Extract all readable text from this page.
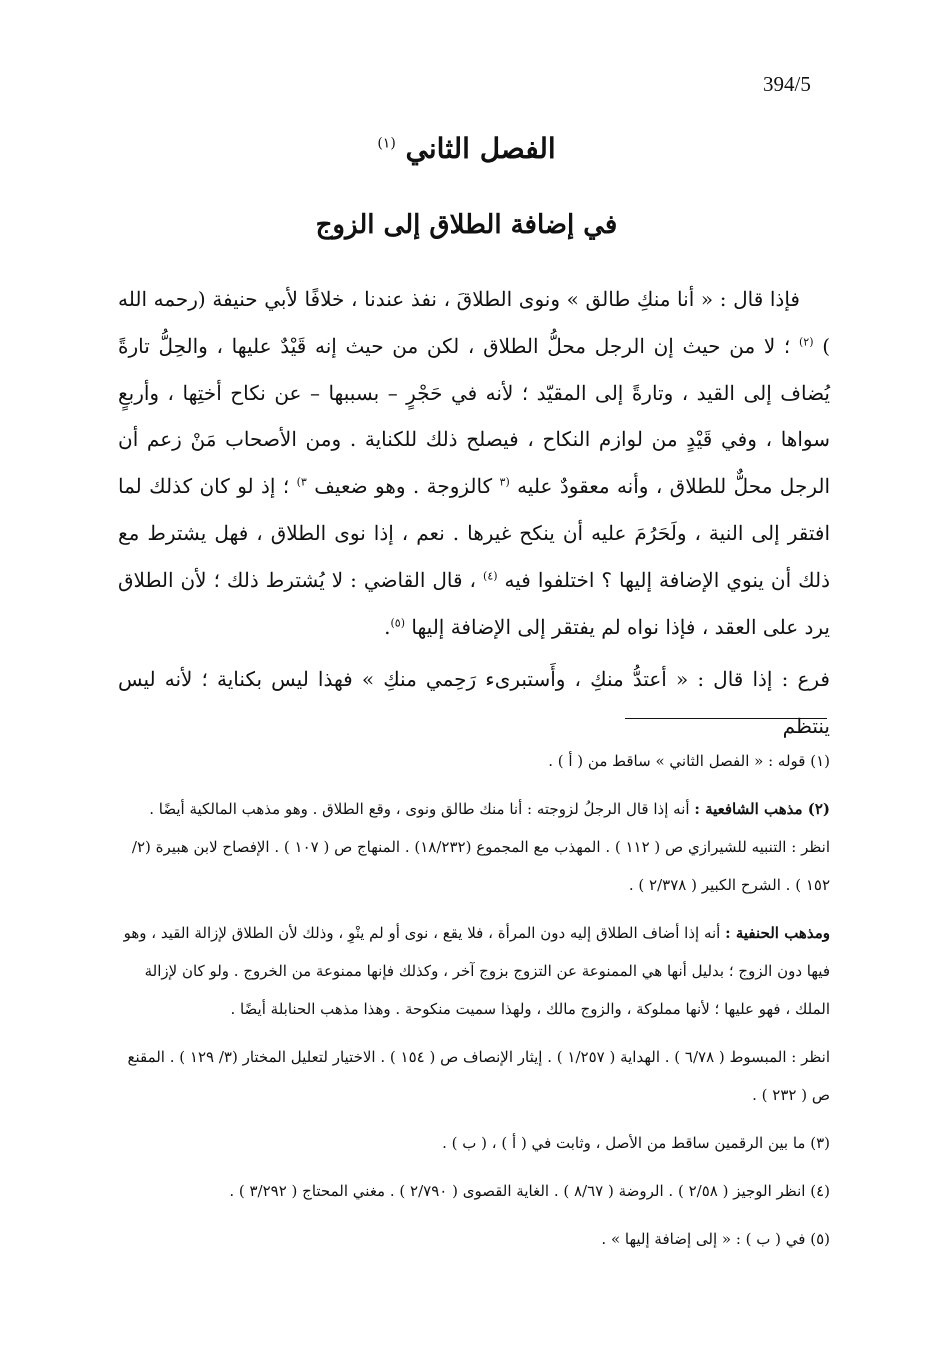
394/5
الفصل الثاني $^{(١)}$
في إضافة الطلاق إلى الزوج

فإذا قال : « أنا منكِ طالق » ونوى الطلاقَ ، نفذ عندنا ، خلافًا لأبي حنيفة (رحمه الله ) $^{(٢)}$ ؛ لا من حيث إن الرجل محلُّ الطلاق ، لكن من حيث إنه قَيْدٌ عليها ، والحِلُّ تارةً يُضاف إلى القيد ، وتارةً إلى المقيّد ؛ لأنه في حَجْرٍ – بسببها – عن نكاح أختِها ، وأربعٍ سواها ، وفي قَيْدٍ من لوازم النكاح ، فيصلح ذلك للكناية . ومن الأصحاب مَنْ زعم أن الرجل محلٌّ للطلاق ، وأنه معقودٌ عليه $^{(٣}$ كالزوجة . وهو ضعيف $^{٣)}$ ؛ إذ لو كان كذلك لما افتقر إلى النية ، ولَحَرُمَ عليه أن ينكح غيرها . نعم ، إذا نوى الطلاق ، فهل يشترط مع ذلك أن ينوي الإضافة إليها ؟ اختلفوا فيه $^{(٤)}$ ، قال القاضي : لا يُشترط ذلك ؛ لأن الطلاق يرد على العقد ، فإذا نواه لم يفتقر إلى الإضافة إليها $^{(٥)}$.

فرع : إذا قال : « أعتدُّ منكِ ، وأَستبرىء رَحِمي منكِ » فهذا ليس بكناية ؛ لأنه ليس ينتظم

(١) قوله : « الفصل الثاني » ساقط من ( أ ) .

(٢) مذهب الشافعية : أنه إذا قال الرجلُ لزوجته : أنا منك طالق ونوى ، وقع الطلاق . وهو مذهب المالكية أيضًا .

انظر : التنبيه للشيرازي ص ( ١١٢ ) . المهذب مع المجموع (١٨/٢٣٢) . المنهاج ص ( ١٠٧ ) . الإفصاح لابن هبيرة (٢/ ١٥٢ ) . الشرح الكبير ( ٢/٣٧٨ ) .

ومذهب الحنفية : أنه إذا أضاف الطلاق إليه دون المرأة ، فلا يقع ، نوى أو لم ينْوِ ، وذلك لأن الطلاق لإزالة القيد ، وهو فيها دون الزوج ؛ بدليل أنها هي الممنوعة عن التزوج بزوج آخر ، وكذلك فإنها ممنوعة من الخروج . ولو كان لإزالة الملك ، فهو عليها ؛ لأنها مملوكة ، والزوج مالك ، ولهذا سميت منكوحة . وهذا مذهب الحنابلة أيضًا .

انظر : المبسوط ( ٦/٧٨ ) . الهداية ( ١/٢٥٧ ) . إيثار الإنصاف ص ( ١٥٤ ) . الاختيار لتعليل المختار (٣/ ١٢٩ ) . المقنع ص ( ٢٣٢ ) .

(٣) ما بين الرقمين ساقط من الأصل ، وثابت في ( أ ) ، ( ب ) .

(٤) انظر الوجيز ( ٢/٥٨ ) . الروضة ( ٨/٦٧ ) . الغاية القصوى ( ٢/٧٩٠ ) . مغني المحتاج ( ٣/٢٩٢ ) .

(٥) في ( ب ) : « إلى إضافة إليها » .
